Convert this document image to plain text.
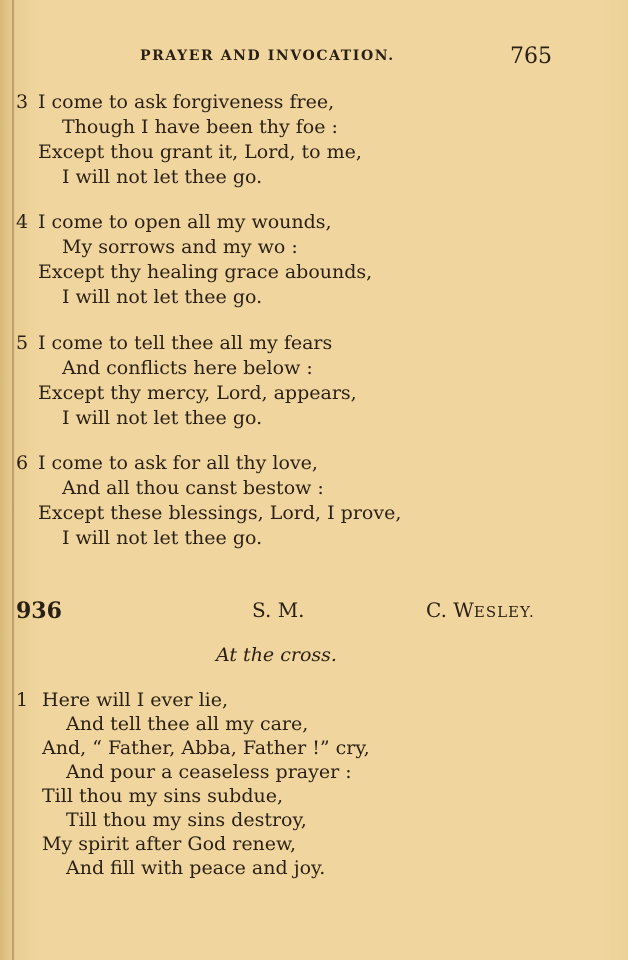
PRAYER AND INVOCATION.	765
3 I come to ask forgiveness free,
Though I have been thy foe :
Except thou grant it, Lord, to me,
I will not let thee go.
4 I come to open all my wounds,
My sorrows and my wo :
Except thy healing grace abounds,
I will not let thee go.
5 I come to tell thee all my fears
And conflicts here below :
Except thy mercy, Lord, appears,
I will not let thee go.
6 I come to ask for all thy love,
And all thou canst bestow :
Except these blessings, Lord, I prove,
I will not let thee go.
936	S. M.	C. WESLEY.
At the cross.
1 Here will I ever lie,
And tell thee all my care,
And, “ Father, Abba, Father !” cry,
And pour a ceaseless prayer :
Till thou my sins subdue,
Till thou my sins destroy,
My spirit after God renew,
And fill with peace and joy.
